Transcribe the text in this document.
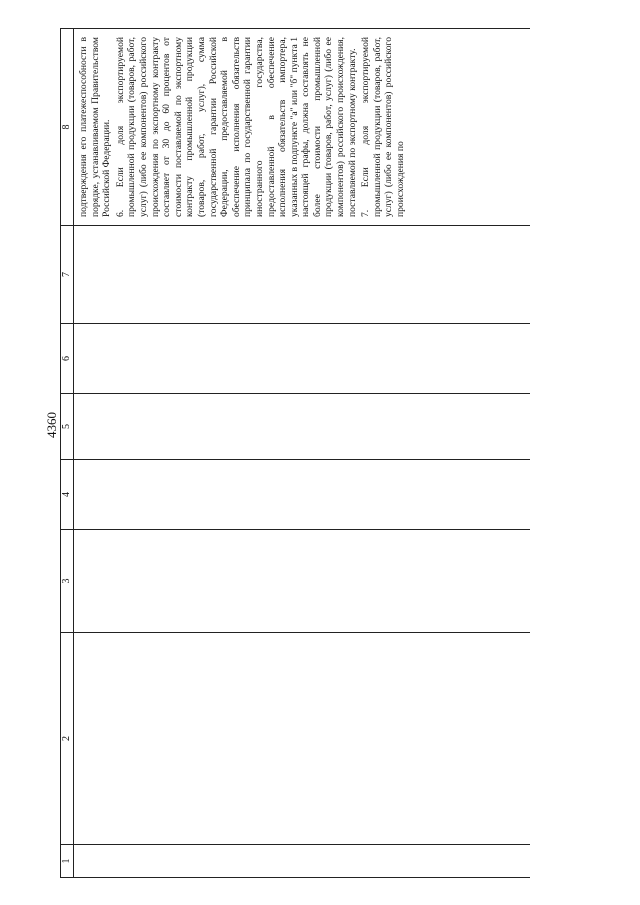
4360
1
2
3
4
5
6
7
8 подтверждения его платежеспособности в порядке, устанавливаемом Правительством Российской Федерации. 6. Если доля экспортируемой промышленной продукции (товаров, работ, услуг) (либо ее компонентов) российского происхождения по экспортному контракту составляет от 30 до 60 процентов от стоимости поставляемой по экспортному контракту промышленной продукции (товаров, работ, услуг), сумма государственной гарантии Российской Федерации, предоставляемой в обеспечение исполнения обязательств принципала по государственной гарантии иностранного государства, предоставленной в обеспечение исполнения обязательств импортера, указанных в подпункте "а" или "б" пункта 1 настоящей графы, должна составлять не более стоимости промышленной продукции (товаров, работ, услуг) (либо ее компонентов) российского происхождения, поставляемой по экспортному контракту. 7. Если доля экспортируемой промышленной продукции (товаров, работ, услуг) (либо ее компонентов) российского происхождения по
